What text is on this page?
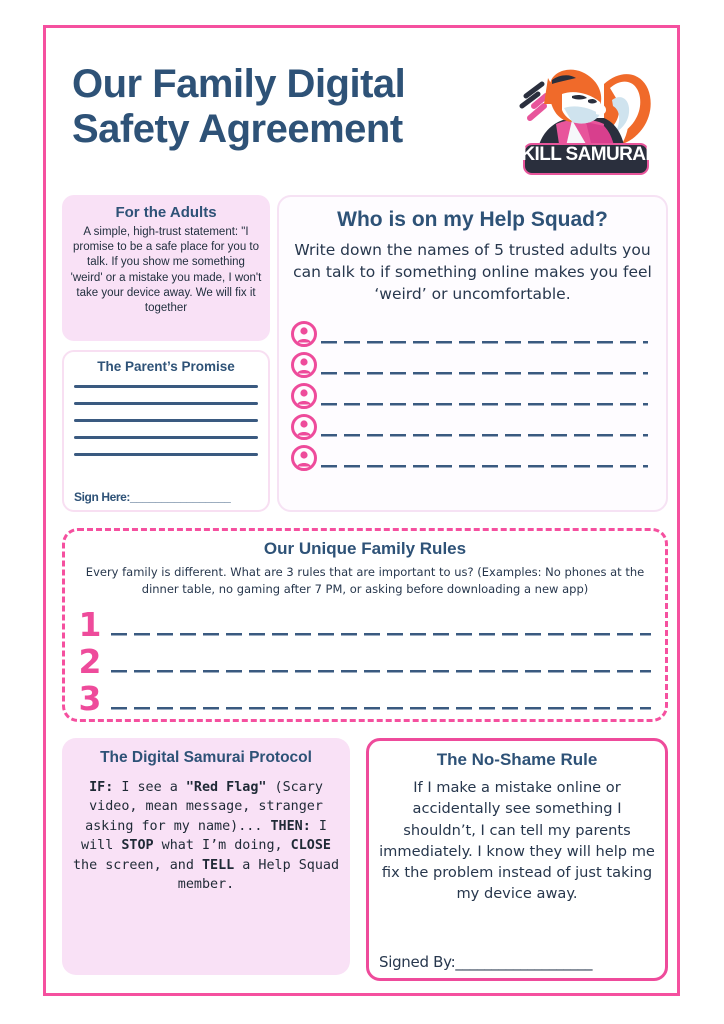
Our Family Digital
Safety Agreement
SKILL SAMURAI®
For the Adults
A simple, high-trust statement: "I promise to be a safe place for you to talk. If you show me something 'weird' or a mistake you made, I won't take your device away. We will fix it together
The Parent’s Promise
Sign Here:________________
Who is on my Help Squad?
Write down the names of 5 trusted adults you can talk to if something online makes you feel ‘weird’ or uncomfortable.
Our Unique Family Rules
Every family is different. What are 3 rules that are important to us? (Examples: No phones at the dinner table, no gaming after 7 PM, or asking before downloading a new app)
1
2
3
The Digital Samurai Protocol
IF: I see a "Red Flag" (Scary video, mean message, stranger asking for my name)... THEN: I will STOP what I’m doing, CLOSE the screen, and TELL a Help Squad member.
The No-Shame Rule
If I make a mistake online or accidentally see something I shouldn’t, I can tell my parents immediately. I know they will help me fix the problem instead of just taking my device away.
Signed By:___________________
